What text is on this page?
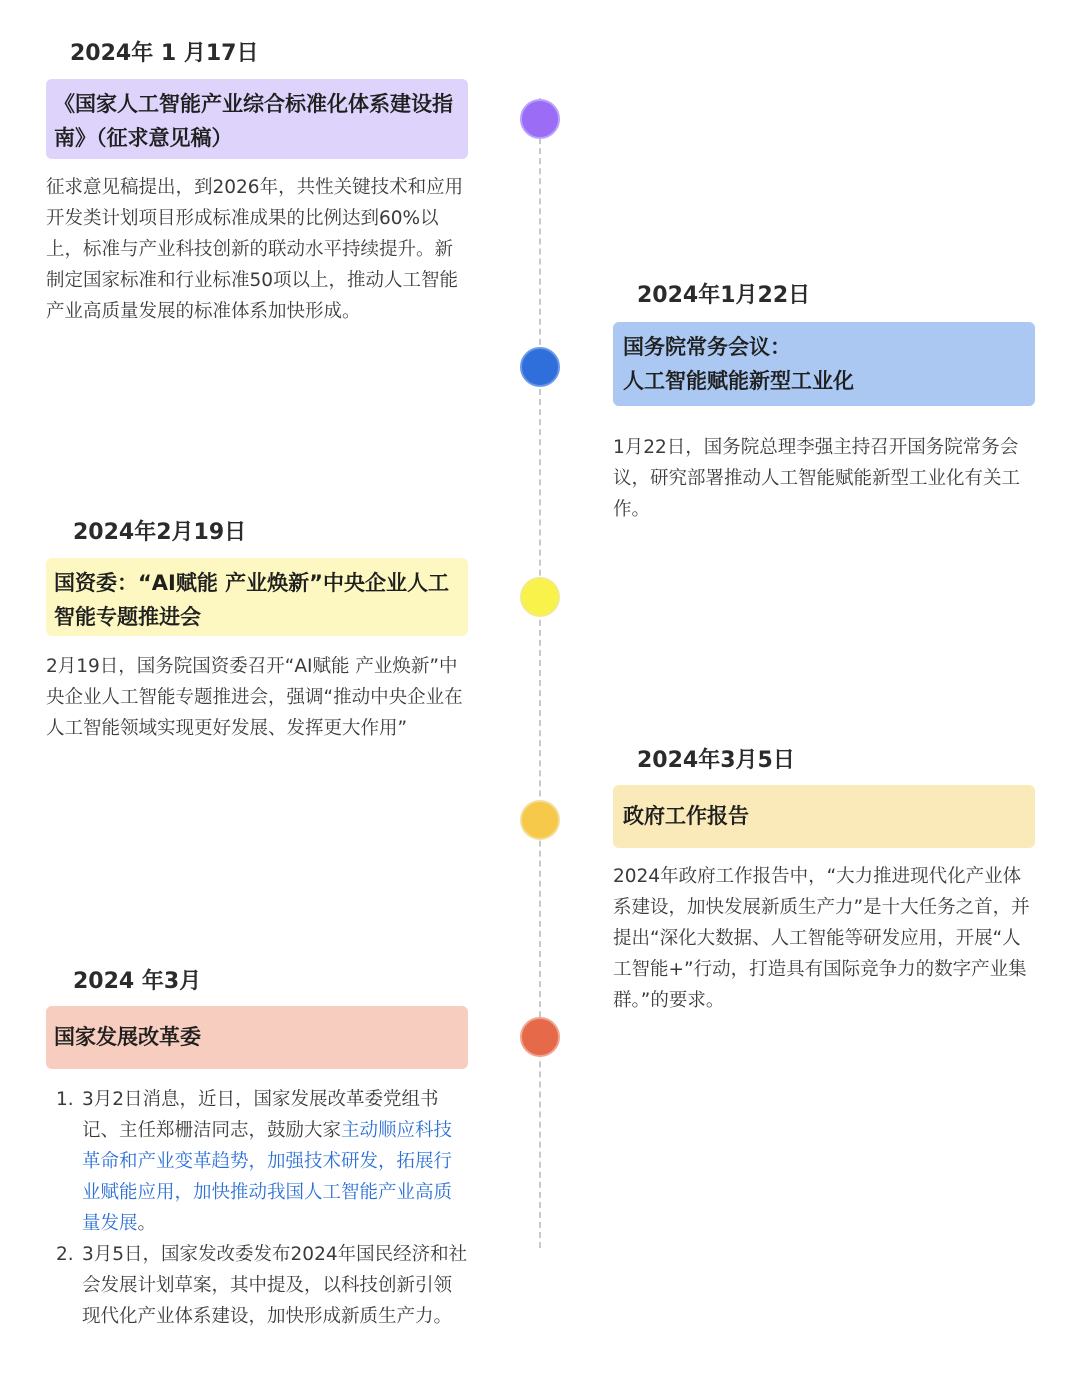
2024年 1 月17日
《国家人工智能产业综合标准化体系建设指南》（征求意见稿）

征求意见稿提出，到2026年，共性关键技术和应用开发类计划项目形成标准成果的比例达到60%以上，标准与产业科技创新的联动水平持续提升。新制定国家标准和行业标准50项以上，推动人工智能产业高质量发展的标准体系加快形成。

2024年1月22日
国务院常务会议：
人工智能赋能新型工业化

1月22日，国务院总理李强主持召开国务院常务会议，研究部署推动人工智能赋能新型工业化有关工作。

2024年2月19日
国资委：“AI赋能 产业焕新”中央企业人工智能专题推进会

2月19日，国务院国资委召开“AI赋能 产业焕新”中央企业人工智能专题推进会，强调“推动中央企业在人工智能领域实现更好发展、发挥更大作用”

2024年3月5日
政府工作报告

2024年政府工作报告中，“大力推进现代化产业体系建设，加快发展新质生产力”是十大任务之首，并提出“深化大数据、人工智能等研发应用，开展“人工智能+”行动，打造具有国际竞争力的数字产业集群。”的要求。

2024 年3月
国家发展改革委
1. 3月2日消息，近日，国家发展改革委党组书记、主任郑栅洁同志，鼓励大家主动顺应科技革命和产业变革趋势，加强技术研发，拓展行业赋能应用，加快推动我国人工智能产业高质量发展。
2. 3月5日，国家发改委发布2024年国民经济和社会发展计划草案，其中提及，以科技创新引领现代化产业体系建设，加快形成新质生产力。
